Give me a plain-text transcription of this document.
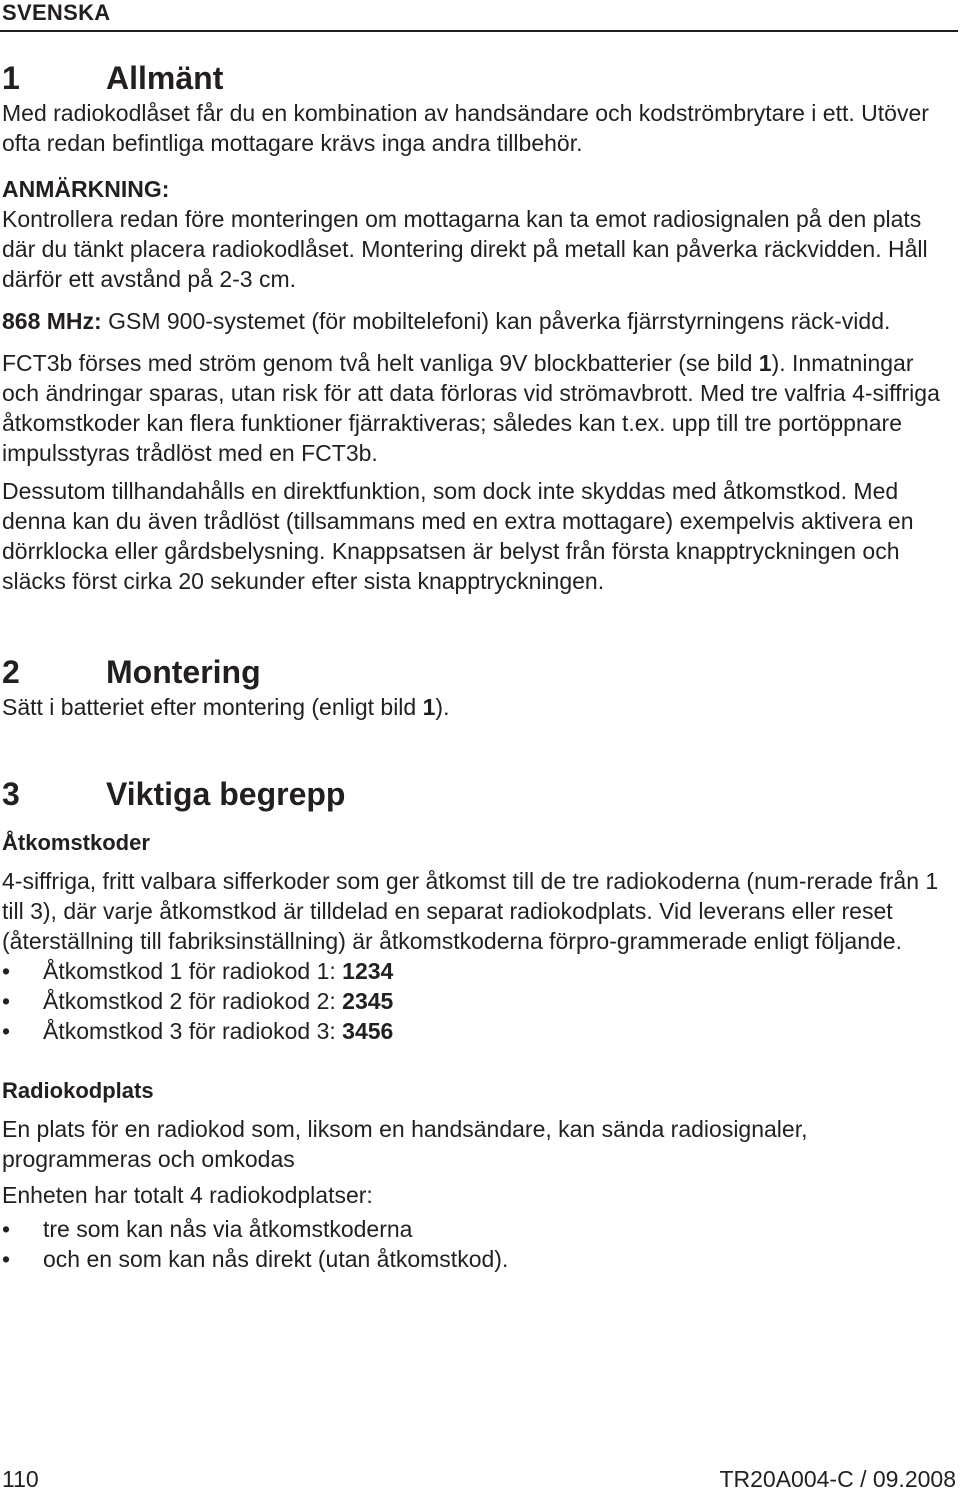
SVENSKA
1	Allmänt

Med radiokodlåset får du en kombination av handsändare och kodströmbrytare i ett. Utöver ofta redan befintliga mottagare krävs inga andra tillbehör.

ANMÄRKNING:

Kontrollera redan före monteringen om mottagarna kan ta emot radiosignalen på den plats där du tänkt placera radiokodlåset. Montering direkt på metall kan påverka räckvidden. Håll därför ett avstånd på 2-3 cm.

868 MHz: GSM 900-systemet (för mobiltelefoni) kan påverka fjärrstyrningens räck-vidd.

FCT3b förses med ström genom två helt vanliga 9V blockbatterier (se bild 1). Inmatningar och ändringar sparas, utan risk för att data förloras vid strömavbrott. Med tre valfria 4-siffriga åtkomstkoder kan flera funktioner fjärraktiveras; således kan t.ex. upp till tre portöppnare impulsstyras trådlöst med en FCT3b.

Dessutom tillhandahålls en direktfunktion, som dock inte skyddas med åtkomstkod. Med denna kan du även trådlöst (tillsammans med en extra mottagare) exempelvis aktivera en dörrklocka eller gårdsbelysning. Knappsatsen är belyst från första knapptryckningen och släcks först cirka 20 sekunder efter sista knapptryckningen.

2	Montering

Sätt i batteriet efter montering (enligt bild 1).

3	Viktiga begrepp

Åtkomstkoder

4-siffriga, fritt valbara sifferkoder som ger åtkomst till de tre radiokoderna (num-rerade från 1 till 3), där varje åtkomstkod är tilldelad en separat radiokodplats. Vid leverans eller reset (återställning till fabriksinställning) är åtkomstkoderna förpro-grammerade enligt följande.

•	Åtkomstkod 1 för radiokod 1: 1234
•	Åtkomstkod 2 för radiokod 2: 2345
•	Åtkomstkod 3 för radiokod 3: 3456

Radiokodplats

En plats för en radiokod som, liksom en handsändare, kan sända radiosignaler, programmeras och omkodas

Enheten har totalt 4 radiokodplatser:

•	tre som kan nås via åtkomstkoderna
•	och en som kan nås direkt (utan åtkomstkod).
110	TR20A004-C / 09.2008
